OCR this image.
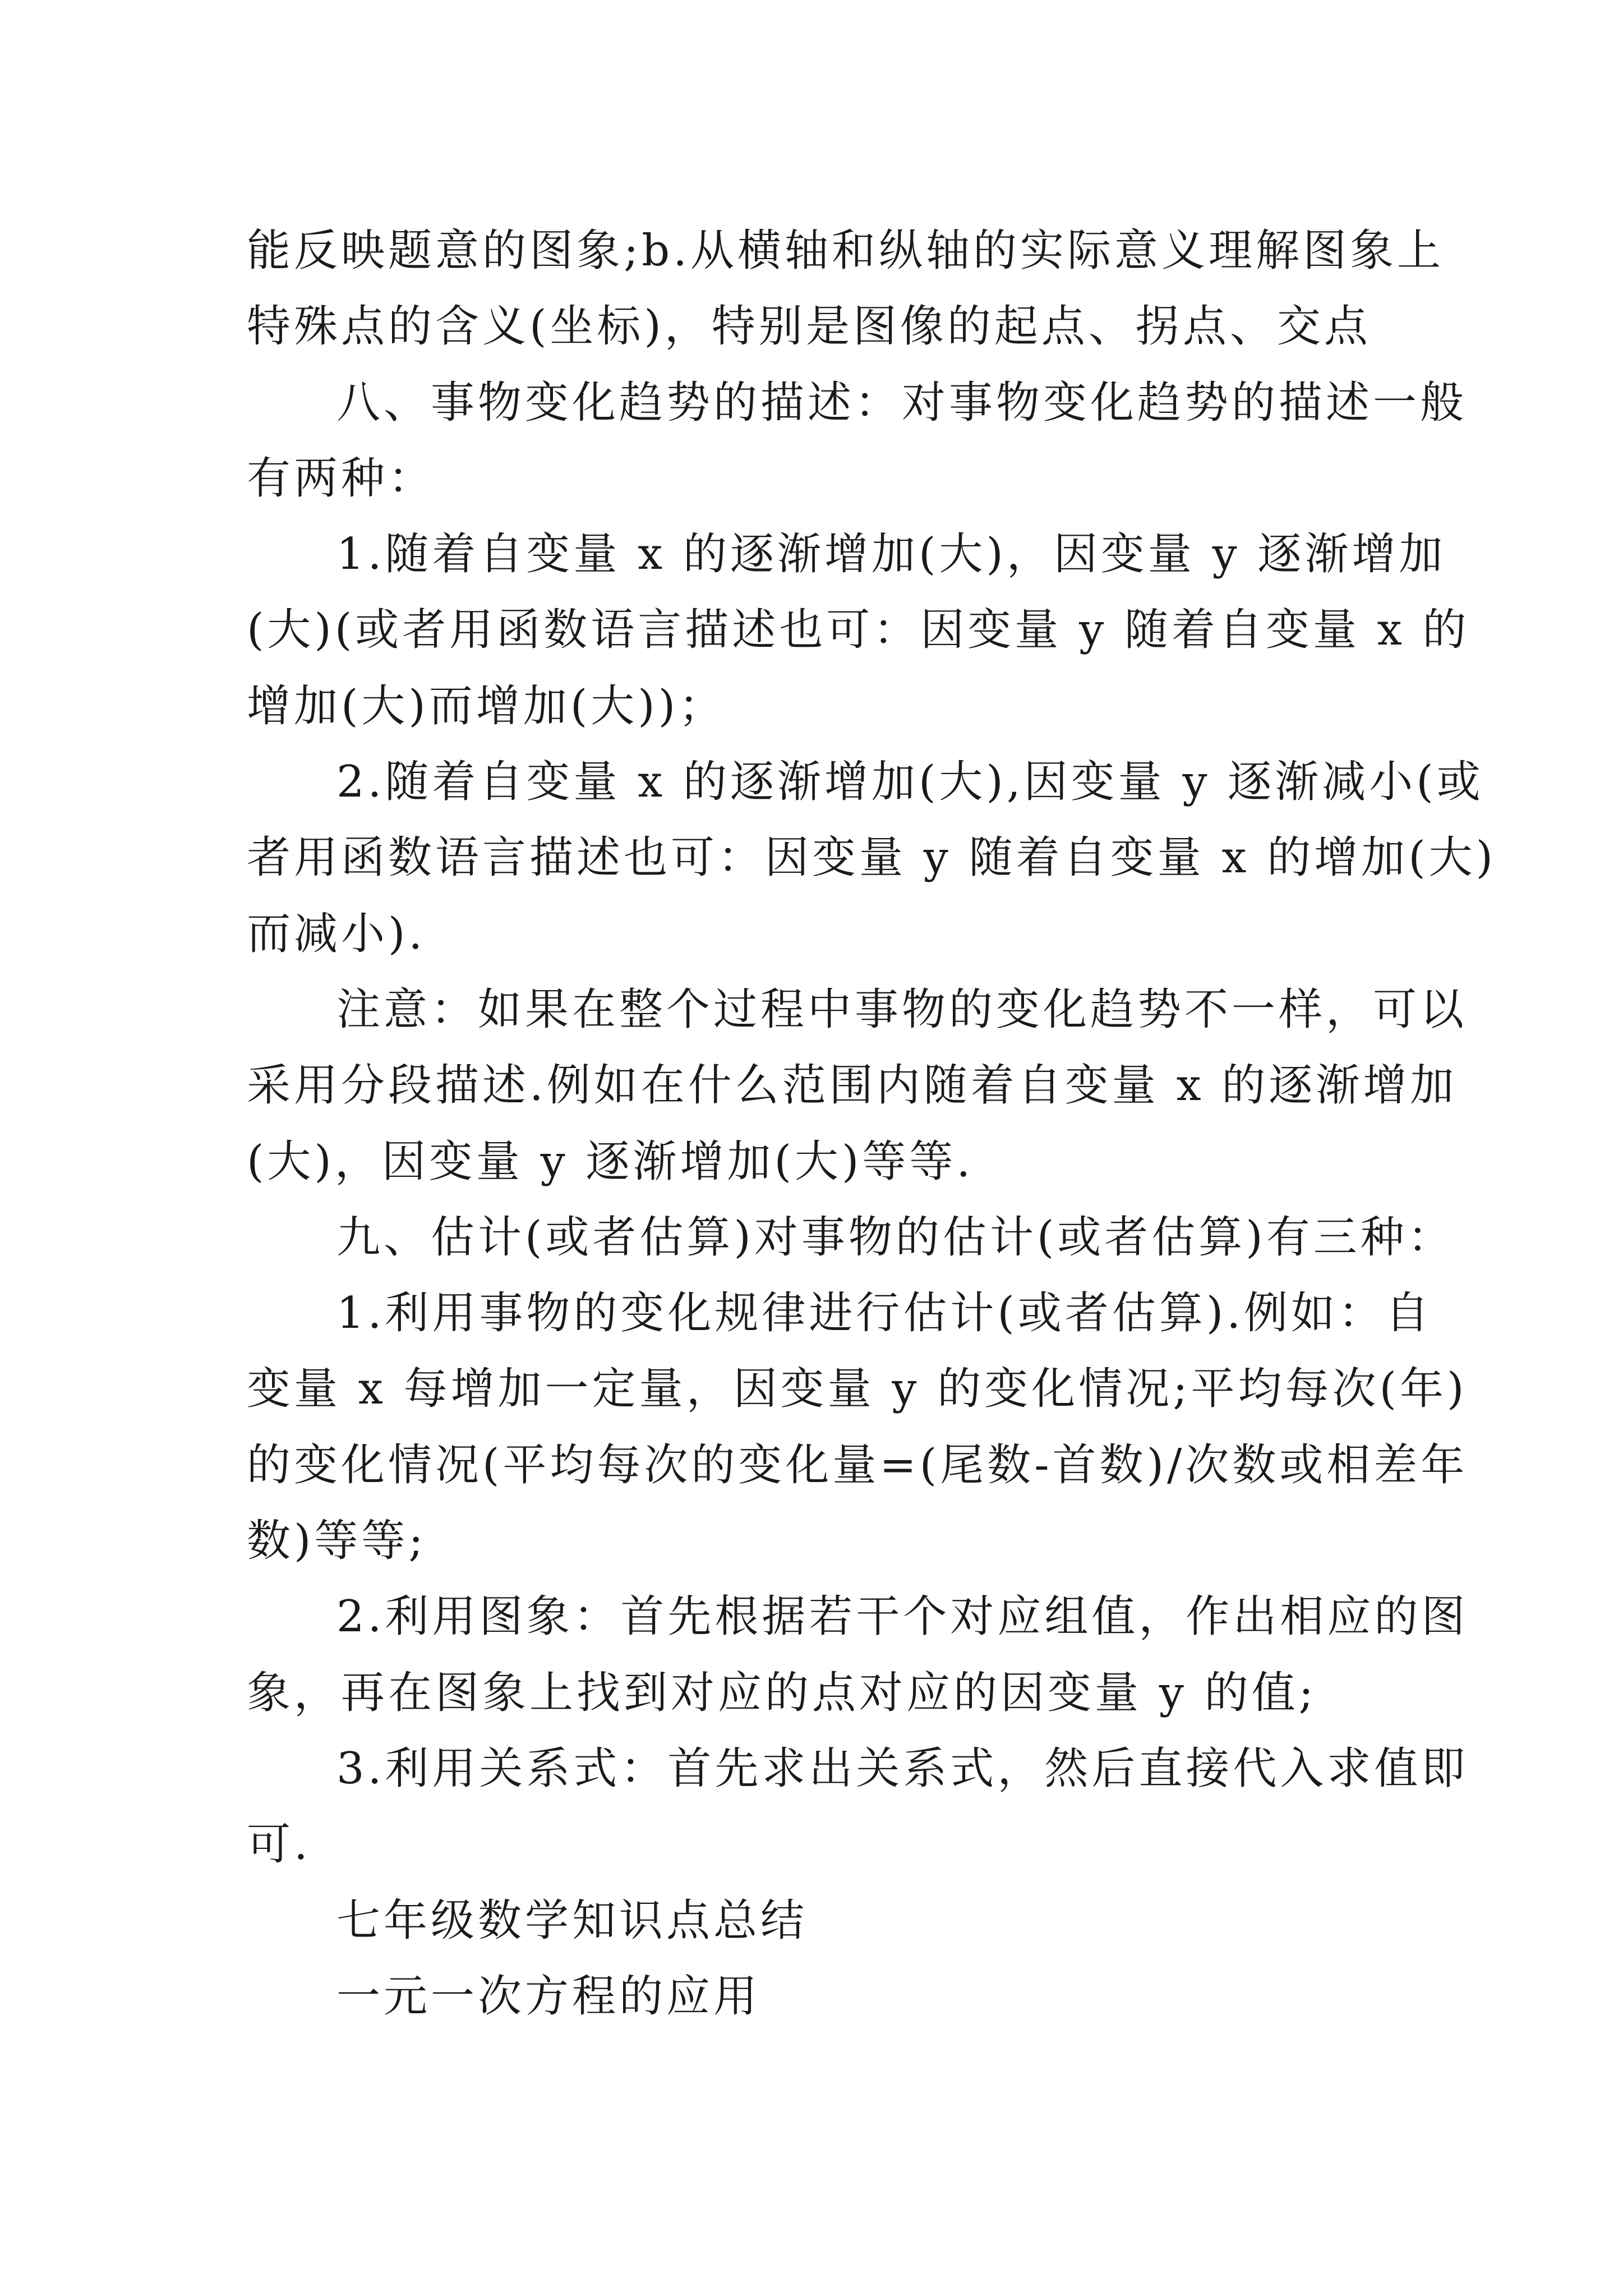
能反映题意的图象;b.从横轴和纵轴的实际意义理解图象上
特殊点的含义(坐标)，特别是图像的起点、拐点、交点

八、事物变化趋势的描述：对事物变化趋势的描述一般
有两种：

1.随着自变量 x 的逐渐增加(大)，因变量 y 逐渐增加
(大)(或者用函数语言描述也可：因变量 y 随着自变量 x 的
增加(大)而增加(大))；

2.随着自变量 x 的逐渐增加(大),因变量 y 逐渐减小(或
者用函数语言描述也可：因变量 y 随着自变量 x 的增加(大)
而减小).

注意：如果在整个过程中事物的变化趋势不一样，可以
采用分段描述.例如在什么范围内随着自变量 x 的逐渐增加
(大)，因变量 y 逐渐增加(大)等等.

九、估计(或者估算)对事物的估计(或者估算)有三种：

1.利用事物的变化规律进行估计(或者估算).例如：自
变量 x 每增加一定量，因变量 y 的变化情况;平均每次(年)
的变化情况(平均每次的变化量=(尾数-首数)/次数或相差年
数)等等;

2.利用图象：首先根据若干个对应组值，作出相应的图
象，再在图象上找到对应的点对应的因变量 y 的值;

3.利用关系式：首先求出关系式，然后直接代入求值即
可.

七年级数学知识点总结

一元一次方程的应用
